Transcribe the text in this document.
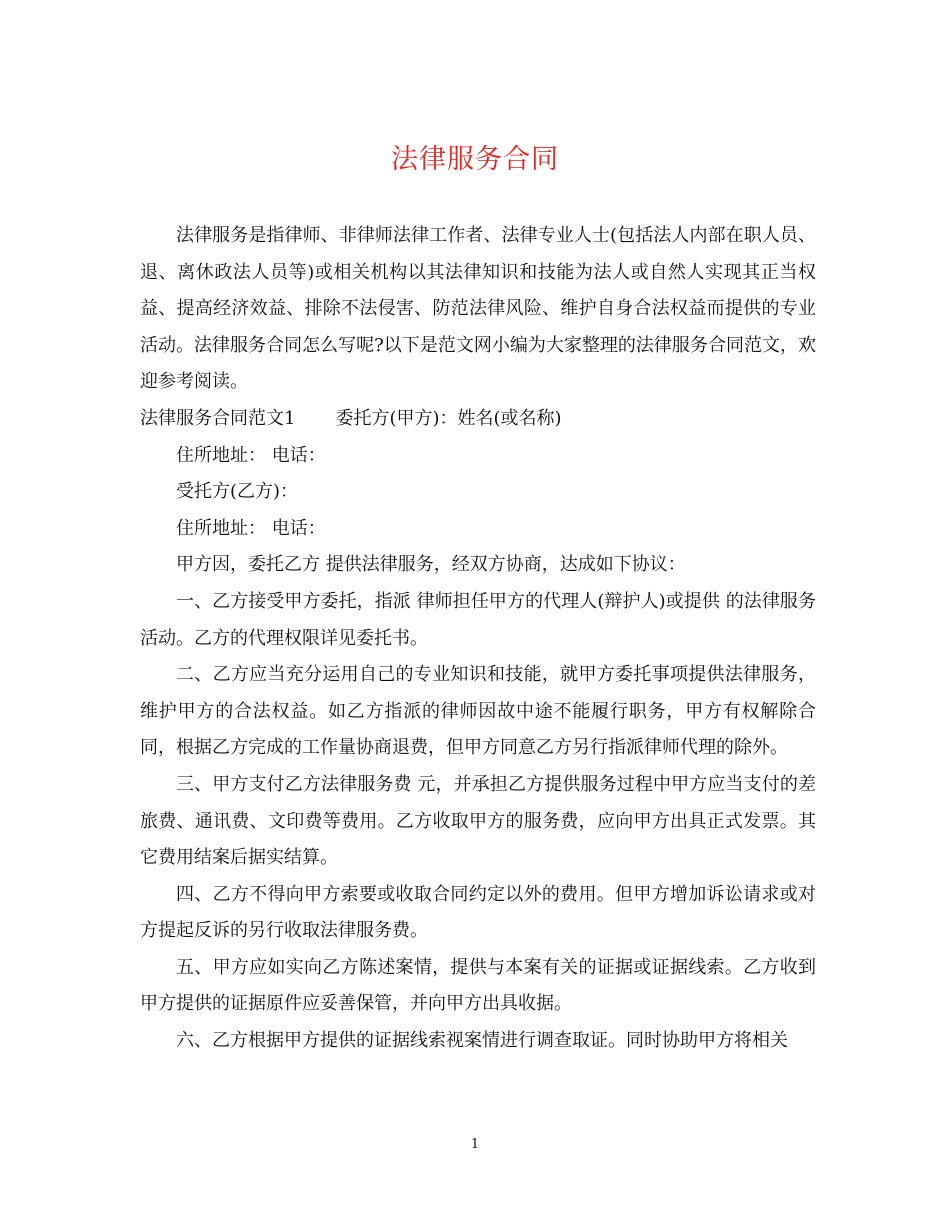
法律服务合同

法律服务是指律师、非律师法律工作者、法律专业人士(包括法人内部在职人员、退、离休政法人员等)或相关机构以其法律知识和技能为法人或自然人实现其正当权益、提高经济效益、排除不法侵害、防范法律风险、维护自身合法权益而提供的专业活动。法律服务合同怎么写呢?以下是范文网小编为大家整理的法律服务合同范文，欢迎参考阅读。

法律服务合同范文1 委托方(甲方)：姓名(或名称)

住所地址： 电话：

受托方(乙方)：

住所地址： 电话：

甲方因，委托乙方 提供法律服务，经双方协商，达成如下协议：

一、乙方接受甲方委托，指派 律师担任甲方的代理人(辩护人)或提供 的法律服务活动。乙方的代理权限详见委托书。

二、乙方应当充分运用自己的专业知识和技能，就甲方委托事项提供法律服务，维护甲方的合法权益。如乙方指派的律师因故中途不能履行职务，甲方有权解除合同，根据乙方完成的工作量协商退费，但甲方同意乙方另行指派律师代理的除外。

三、甲方支付乙方法律服务费 元，并承担乙方提供服务过程中甲方应当支付的差旅费、通讯费、文印费等费用。乙方收取甲方的服务费，应向甲方出具正式发票。其它费用结案后据实结算。

四、乙方不得向甲方索要或收取合同约定以外的费用。但甲方增加诉讼请求或对方提起反诉的另行收取法律服务费。

五、甲方应如实向乙方陈述案情，提供与本案有关的证据或证据线索。乙方收到甲方提供的证据原件应妥善保管，并向甲方出具收据。

六、乙方根据甲方提供的证据线索视案情进行调查取证。同时协助甲方将相关

1
